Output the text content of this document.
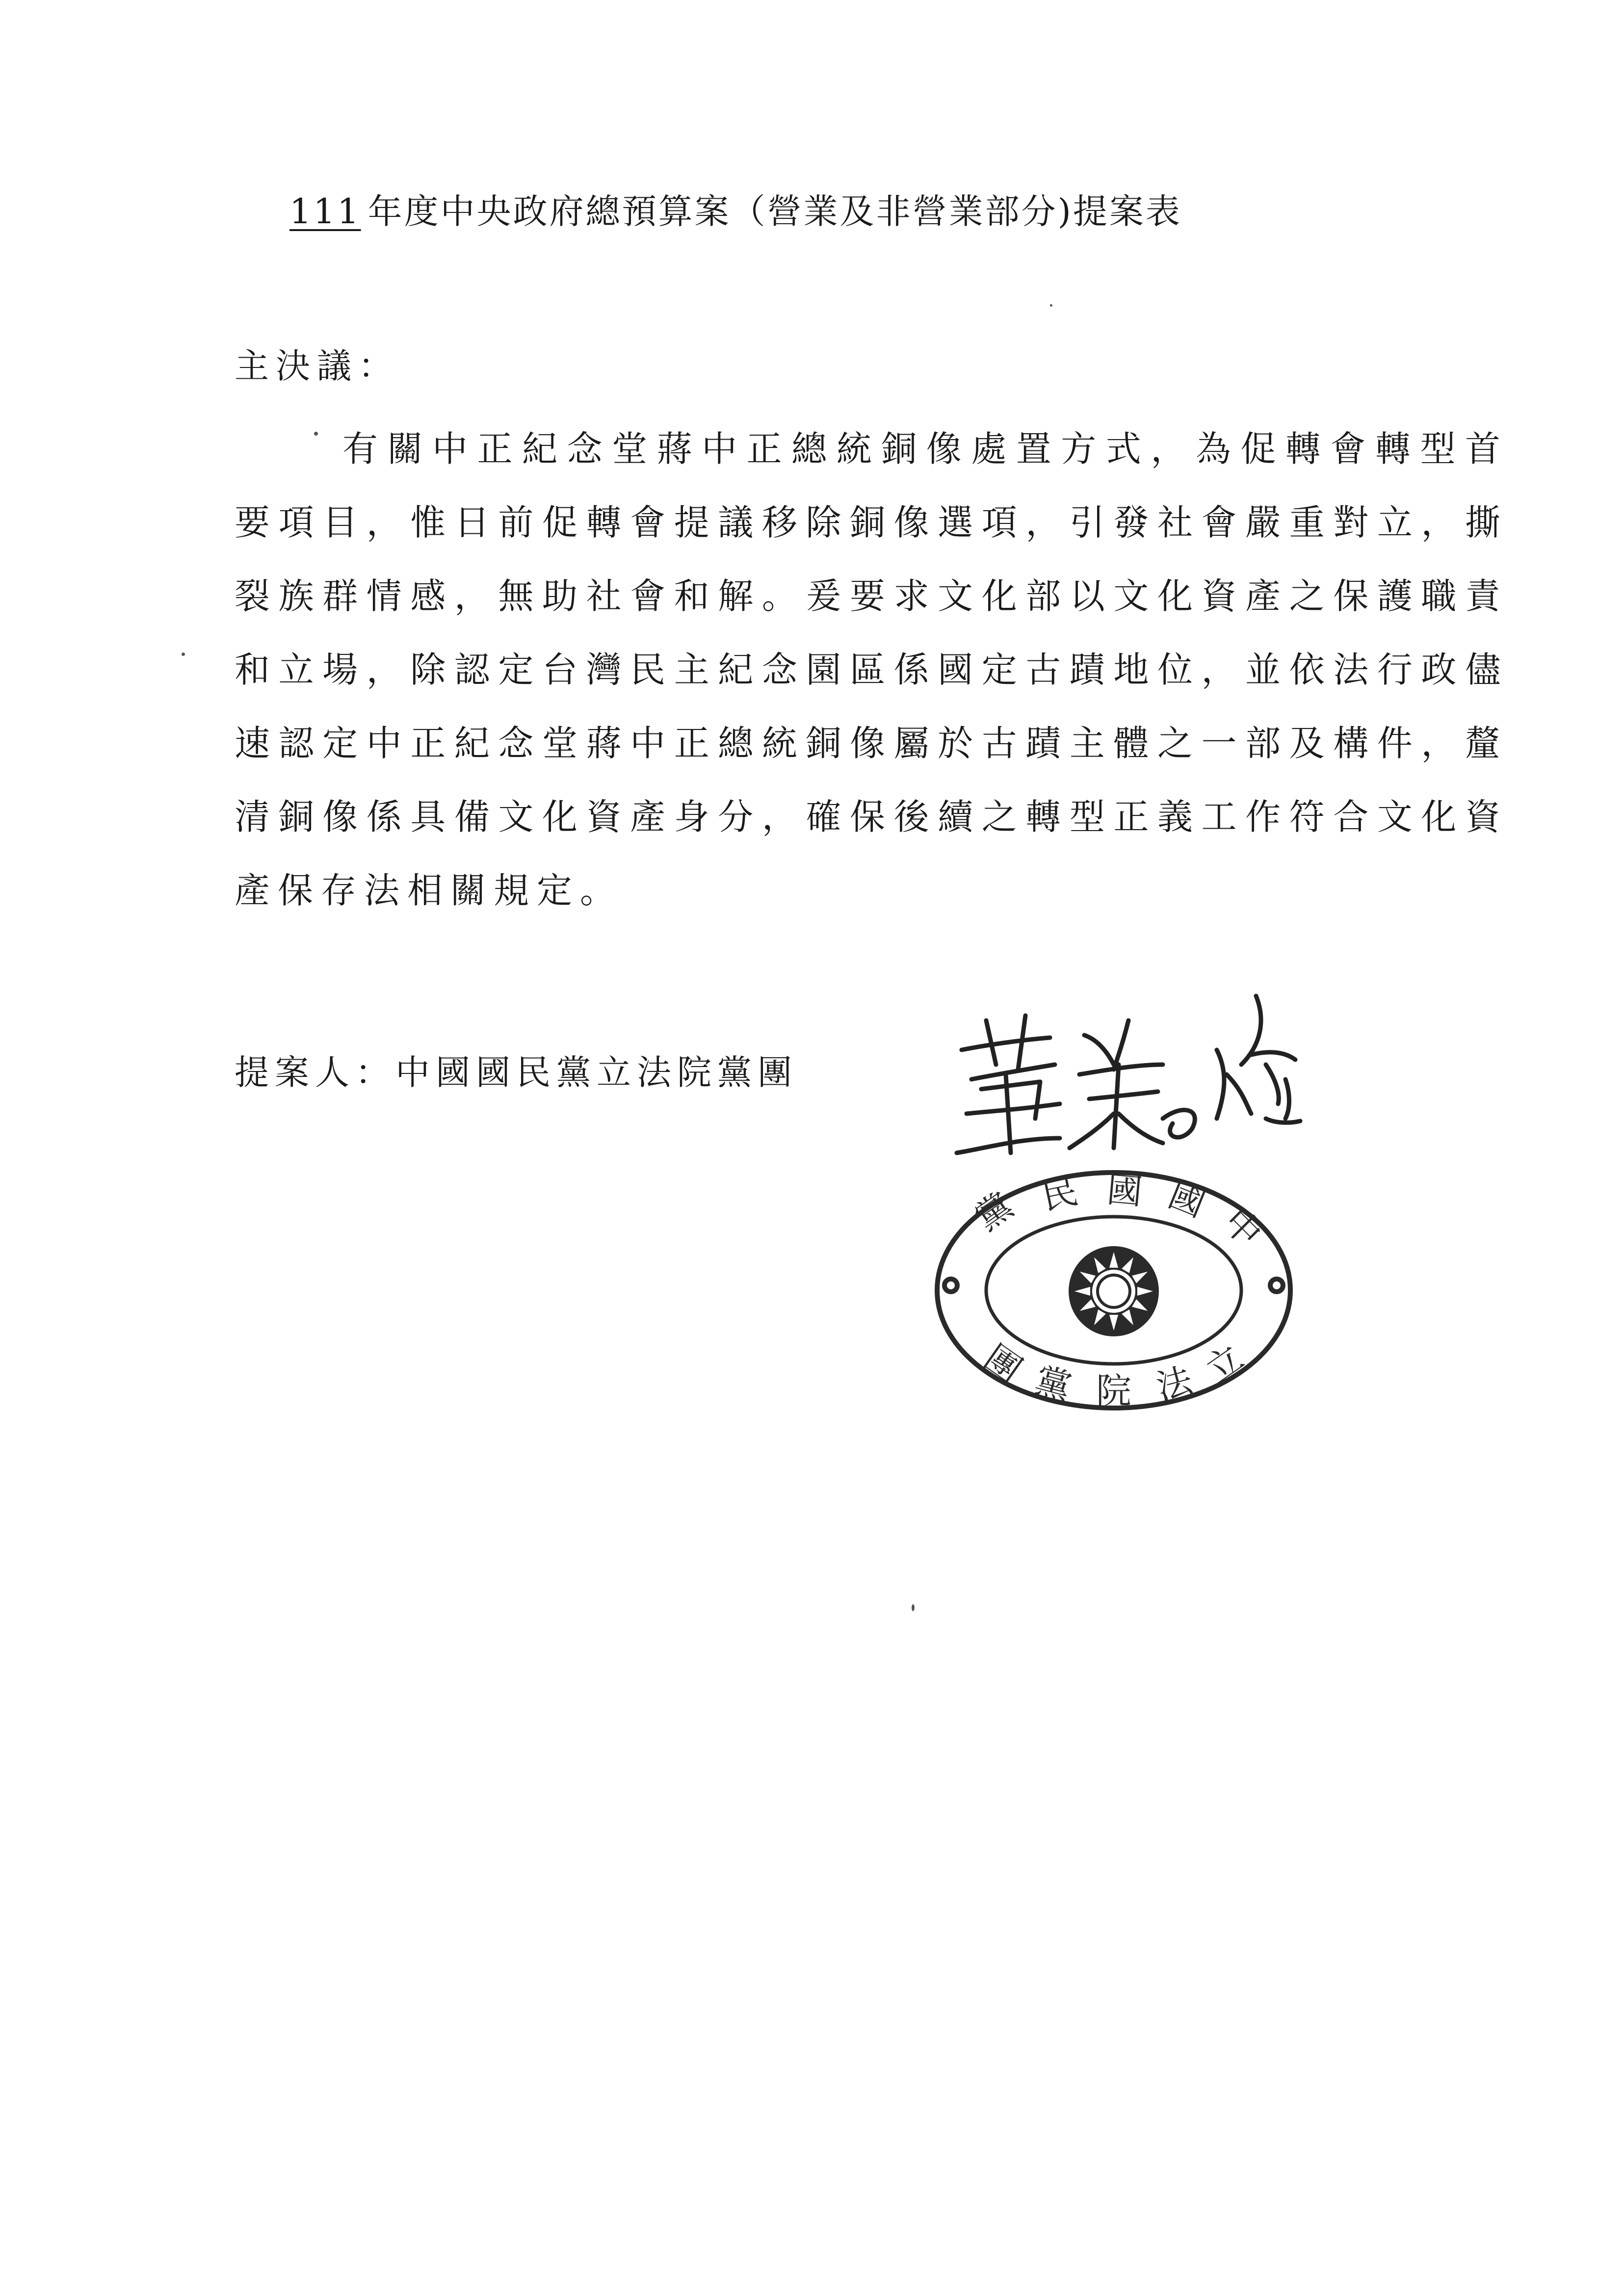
111 年度中央政府總預算案（營業及非營業部分)提案表
主決議：
有關中正紀念堂蔣中正總統銅像處置方式，為促轉會轉型首
要項目，惟日前促轉會提議移除銅像選項，引發社會嚴重對立，撕
裂族群情感，無助社會和解。爰要求文化部以文化資產之保護職責
和立場，除認定台灣民主紀念園區係國定古蹟地位，並依法行政儘
速認定中正紀念堂蔣中正總統銅像屬於古蹟主體之一部及構件，釐
清銅像係具備文化資產身分，確保後續之轉型正義工作符合文化資
產保存法相關規定。
提案人：中國國民黨立法院黨團
黨 民 國 國
中
團 黨 院 法 立
